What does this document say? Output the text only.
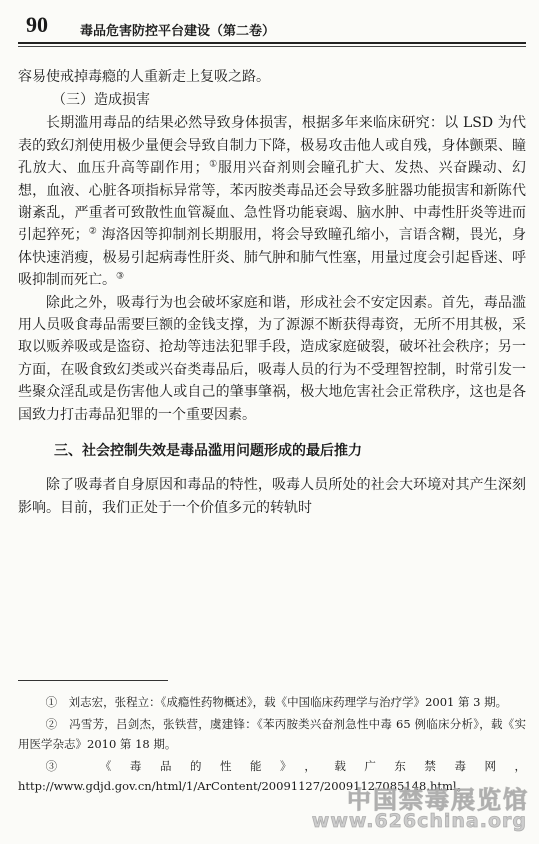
90 毒品危害防控平台建设（第二卷）

容易使戒掉毒瘾的人重新走上复吸之路。

（三）造成损害

长期滥用毒品的结果必然导致身体损害，根据多年来临床研究：以 LSD 为代表的致幻剂使用极少量便会导致自制力下降，极易攻击他人或自残，身体颤栗、瞳孔放大、血压升高等副作用；①服用兴奋剂则会瞳孔扩大、发热、兴奋躁动、幻想，血液、心脏各项指标异常等，苯丙胺类毒品还会导致多脏器功能损害和新陈代谢紊乱，严重者可致散性血管凝血、急性肾功能衰竭、脑水肿、中毒性肝炎等进而引起猝死；② 海洛因等抑制剂长期服用，将会导致瞳孔缩小，言语含糊，畏光，身体快速消瘦，极易引起病毒性肝炎、肺气肿和肺气性塞，用量过度会引起昏迷、呼吸抑制而死亡。③

除此之外，吸毒行为也会破坏家庭和谐，形成社会不安定因素。首先，毒品滥用人员吸食毒品需要巨额的金钱支撑，为了源源不断获得毒资，无所不用其极，采取以贩养吸或是盗窃、抢劫等违法犯罪手段，造成家庭破裂，破坏社会秩序；另一方面，在吸食致幻类或兴奋类毒品后，吸毒人员的行为不受理智控制，时常引发一些聚众淫乱或是伤害他人或自己的肇事肇祸，极大地危害社会正常秩序，这也是各国致力打击毒品犯罪的一个重要因素。

三、社会控制失效是毒品滥用问题形成的最后推力

除了吸毒者自身原因和毒品的特性，吸毒人员所处的社会大环境对其产生深刻影响。目前，我们正处于一个价值多元的转轨时

①　刘志宏，张程立：《成瘾性药物概述》，载《中国临床药理学与治疗学》2001 第 3 期。

②　冯雪芳，吕剑杰，张铁营，虞建锋：《苯丙胺类兴奋剂急性中毒 65 例临床分析》，载《实用医学杂志》2010 第 18 期。

③　《毒品的性能》，载广东禁毒网，http://www.gdjd.gov.cn/html/1/ArContent/20091127/20091127085148.html。

中国禁毒展览馆
www.626china.org
